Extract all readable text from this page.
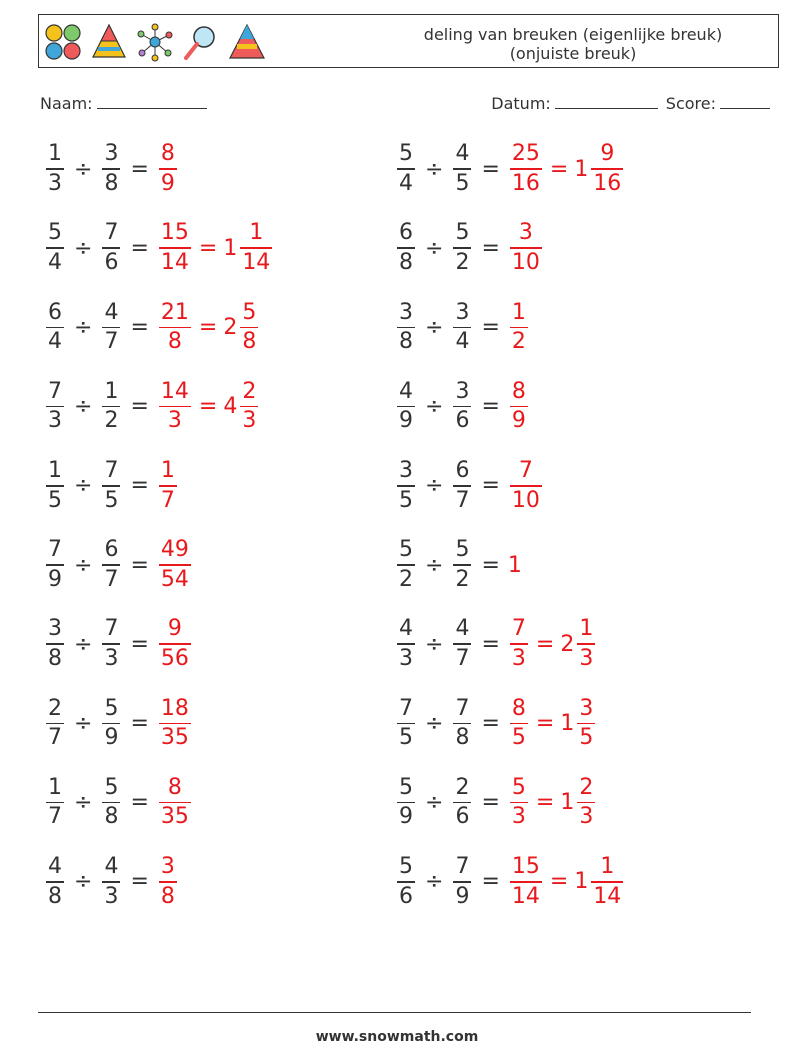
deling van breuken (eigenlijke breuk)
(onjuiste breuk)
Naam:	Datum:	Score:
$\frac{1}{3} \div \frac{3}{8} = \frac{8}{9}$	$\frac{5}{4} \div \frac{4}{5} = \frac{25}{16} = 1 \frac{9}{16}$
$\frac{5}{4} \div \frac{7}{6} = \frac{15}{14} = 1 \frac{1}{14}$	$\frac{6}{8} \div \frac{5}{2} = \frac{3}{10}$
$\frac{6}{4} \div \frac{4}{7} = \frac{21}{8} = 2 \frac{5}{8}$	$\frac{3}{8} \div \frac{3}{4} = \frac{1}{2}$
$\frac{7}{3} \div \frac{1}{2} = \frac{14}{3} = 4 \frac{2}{3}$	$\frac{4}{9} \div \frac{3}{6} = \frac{8}{9}$
$\frac{1}{5} \div \frac{7}{5} = \frac{1}{7}$	$\frac{3}{5} \div \frac{6}{7} = \frac{7}{10}$
$\frac{7}{9} \div \frac{6}{7} = \frac{49}{54}$	$\frac{5}{2} \div \frac{5}{2} = 1$
$\frac{3}{8} \div \frac{7}{3} = \frac{9}{56}$	$\frac{4}{3} \div \frac{4}{7} = \frac{7}{3} = 2 \frac{1}{3}$
$\frac{2}{7} \div \frac{5}{9} = \frac{18}{35}$	$\frac{7}{5} \div \frac{7}{8} = \frac{8}{5} = 1 \frac{3}{5}$
$\frac{1}{7} \div \frac{5}{8} = \frac{8}{35}$	$\frac{5}{9} \div \frac{2}{6} = \frac{5}{3} = 1 \frac{2}{3}$
$\frac{4}{8} \div \frac{4}{3} = \frac{3}{8}$	$\frac{5}{6} \div \frac{7}{9} = \frac{15}{14} = 1 \frac{1}{14}$
www.snowmath.com
